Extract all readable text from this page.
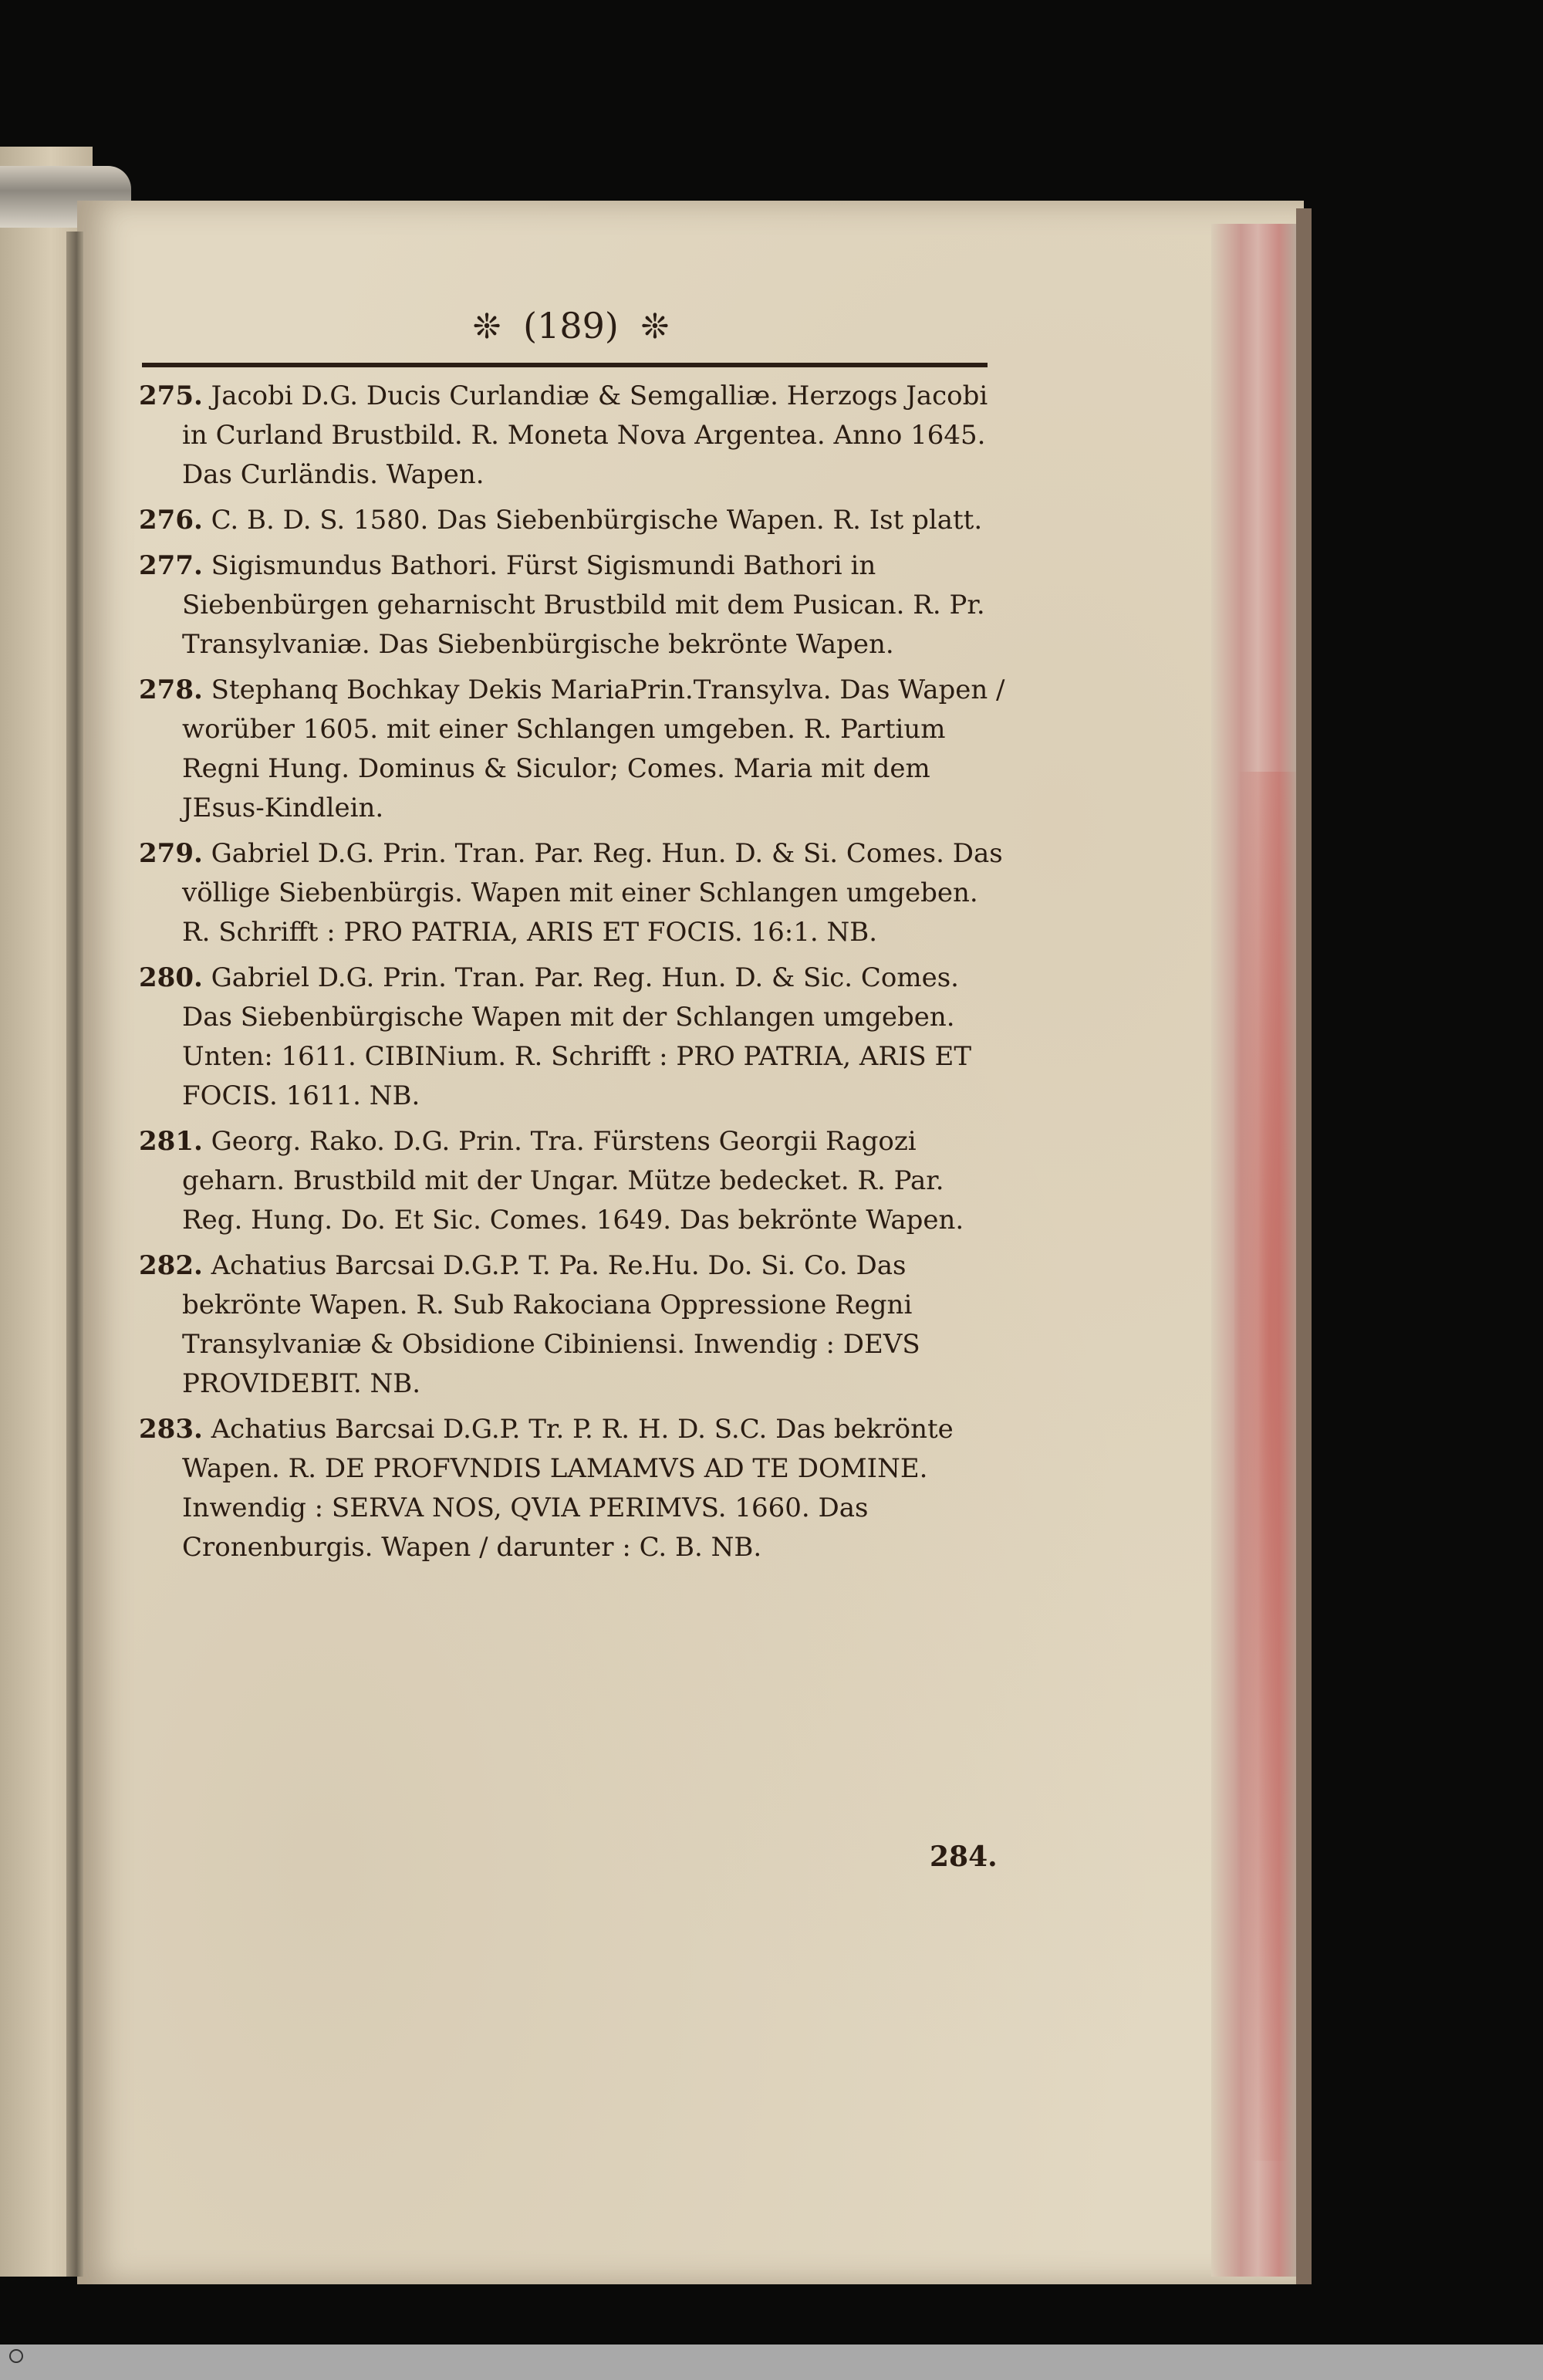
❊ (189) ❊

275. Jacobi D.G. Ducis Curlandiæ & Semgalliæ. Herzogs Jacobi in Curland Brustbild. R. Moneta Nova Argentea. Anno 1645. Das Curländis. Wapen.

276. C. B. D. S. 1580. Das Siebenbürgische Wapen. R. Ist platt.

277. Sigismundus Bathori. Fürst Sigismundi Bathori in Siebenbürgen geharnischt Brustbild mit dem Pusican. R. Pr. Transylvaniæ. Das Siebenbürgische bekrönte Wapen.

278. Stephanq Bochkay Dekis MariaPrin.Transylva. Das Wapen / worüber 1605. mit einer Schlangen umgeben. R. Partium Regni Hung. Dominus & Siculor; Comes. Maria mit dem JEsus-Kindlein.

279. Gabriel D.G. Prin. Tran. Par. Reg. Hun. D. & Si. Comes. Das völlige Siebenbürgis. Wapen mit einer Schlangen umgeben. R. Schrifft : PRO PATRIA, ARIS ET FOCIS. 16:1. NB.

280. Gabriel D.G. Prin. Tran. Par. Reg. Hun. D. & Sic. Comes. Das Siebenbürgische Wapen mit der Schlangen umgeben. Unten: 1611. CIBINium. R. Schrifft : PRO PATRIA, ARIS ET FOCIS. 1611. NB.

281. Georg. Rako. D.G. Prin. Tra. Fürstens Georgii Ragozi geharn. Brustbild mit der Ungar. Mütze bedecket. R. Par. Reg. Hung. Do. Et Sic. Comes. 1649. Das bekrönte Wapen.

282. Achatius Barcsai D.G.P. T. Pa. Re.Hu. Do. Si. Co. Das bekrönte Wapen. R. Sub Rakociana Oppressione Regni Transylvaniæ & Obsidione Cibiniensi. Inwendig : DEVS PROVIDEBIT. NB.

283. Achatius Barcsai D.G.P. Tr. P. R. H. D. S.C. Das bekrönte Wapen. R. DE PROFVNDIS LAMAMVS AD TE DOMINE. Inwendig : SERVA NOS, QVIA PERIMVS. 1660. Das Cronenburgis. Wapen / darunter : C. B. NB.

284.
